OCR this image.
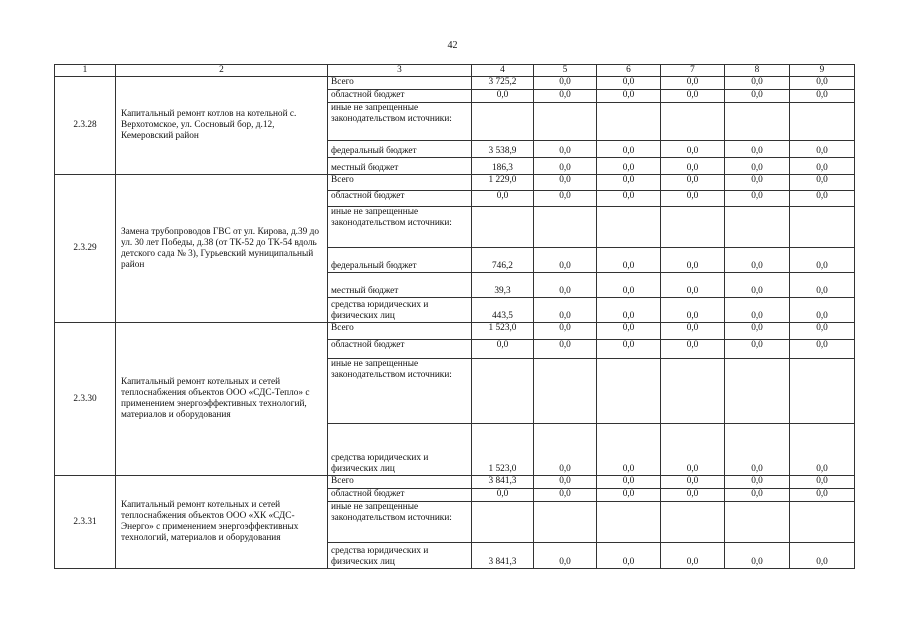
42
1	2	3	4	5	6	7	8	9
2.3.28	Капитальный ремонт котлов на котельной с. Верхотомское, ул. Сосновый бор, д.12, Кемеровский район	Всего	3 725,2	0,0	0,0	0,0	0,0	0,0
		областной бюджет	0,0	0,0	0,0	0,0	0,0	0,0
		иные не запрещенные законодательством источники:						
		федеральный бюджет	3 538,9	0,0	0,0	0,0	0,0	0,0
		местный бюджет	186,3	0,0	0,0	0,0	0,0	0,0
2.3.29	Замена трубопроводов ГВС от ул. Кирова, д.39 до ул. 30 лет Победы, д.38 (от ТК-52 до ТК-54 вдоль детского сада № 3), Гурьевский муниципальный район	Всего	1 229,0	0,0	0,0	0,0	0,0	0,0
		областной бюджет	0,0	0,0	0,0	0,0	0,0	0,0
		иные не запрещенные законодательством источники:						
		федеральный бюджет	746,2	0,0	0,0	0,0	0,0	0,0
		местный бюджет	39,3	0,0	0,0	0,0	0,0	0,0
		средства юридических и физических лиц	443,5	0,0	0,0	0,0	0,0	0,0
2.3.30	Капитальный ремонт котельных и сетей теплоснабжения объектов ООО «СДС-Тепло» с применением энергоэффективных технологий, материалов и оборудования	Всего	1 523,0	0,0	0,0	0,0	0,0	0,0
		областной бюджет	0,0	0,0	0,0	0,0	0,0	0,0
		иные не запрещенные законодательством источники:						
		средства юридических и физических лиц	1 523,0	0,0	0,0	0,0	0,0	0,0
2.3.31	Капитальный ремонт котельных и сетей теплоснабжения объектов ООО «ХК «СДС-Энерго» с применением энергоэффективных технологий, материалов и оборудования	Всего	3 841,3	0,0	0,0	0,0	0,0	0,0
		областной бюджет	0,0	0,0	0,0	0,0	0,0	0,0
		иные не запрещенные законодательством источники:						
		средства юридических и физических лиц	3 841,3	0,0	0,0	0,0	0,0	0,0
